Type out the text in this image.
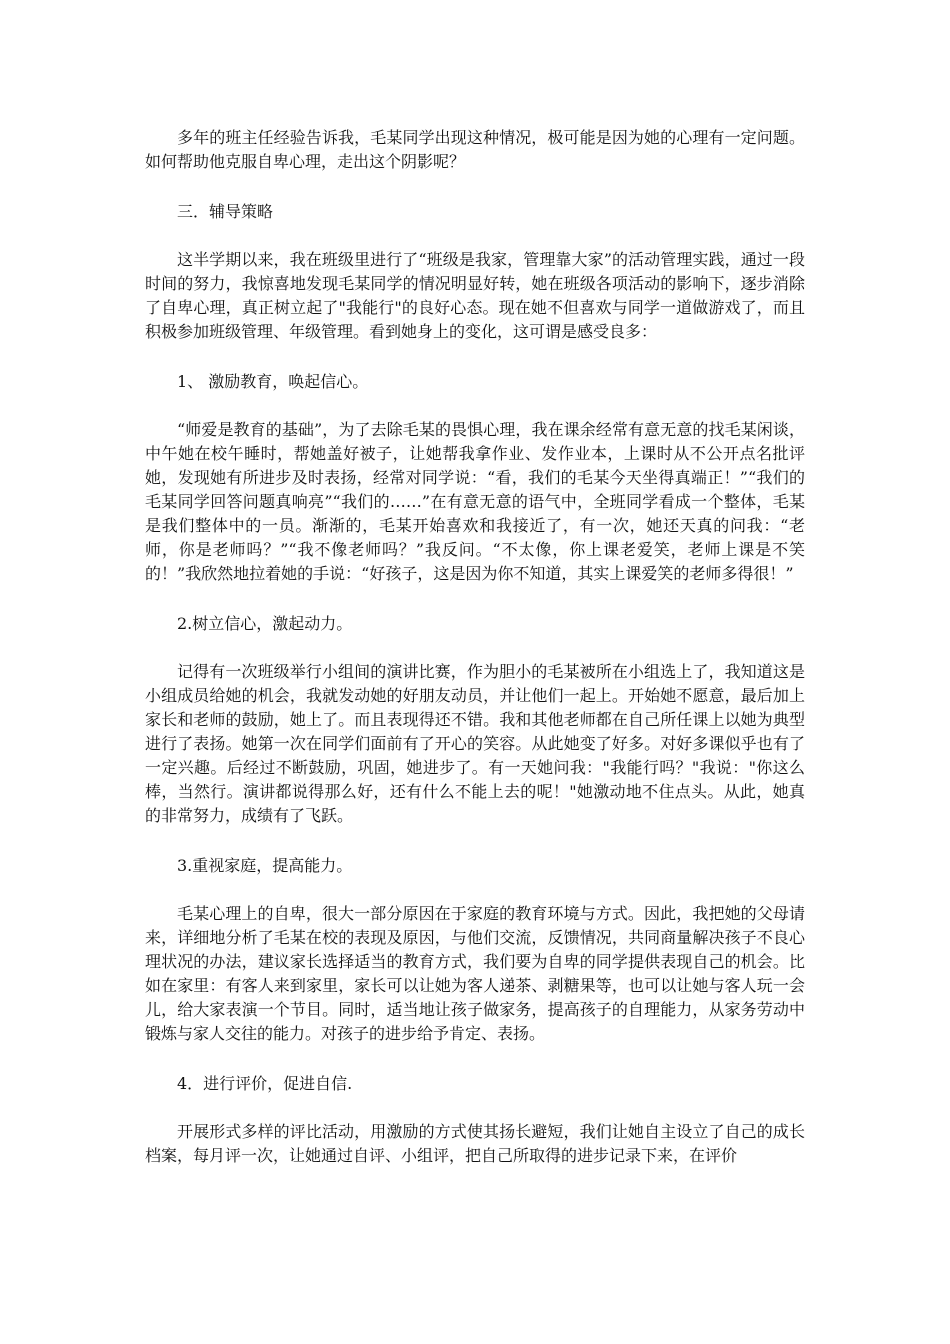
多年的班主任经验告诉我，毛某同学出现这种情况，极可能是因为她的心理有一定问题。如何帮助他克服自卑心理，走出这个阴影呢？

三．辅导策略

这半学期以来，我在班级里进行了“班级是我家，管理靠大家”的活动管理实践，通过一段时间的努力，我惊喜地发现毛某同学的情况明显好转，她在班级各项活动的影响下，逐步消除了自卑心理，真正树立起了"我能行"的良好心态。现在她不但喜欢与同学一道做游戏了，而且积极参加班级管理、年级管理。看到她身上的变化，这可谓是感受良多：

1、 激励教育，唤起信心。

“师爱是教育的基础”，为了去除毛某的畏惧心理，我在课余经常有意无意的找毛某闲谈，中午她在校午睡时，帮她盖好被子，让她帮我拿作业、发作业本，上课时从不公开点名批评她，发现她有所进步及时表扬，经常对同学说：“看，我们的毛某今天坐得真端正！”“我们的毛某同学回答问题真响亮”“我们的……”在有意无意的语气中，全班同学看成一个整体，毛某是我们整体中的一员。渐渐的，毛某开始喜欢和我接近了，有一次，她还天真的问我：“老师，你是老师吗？”“我不像老师吗？”我反问。“不太像，你上课老爱笑，老师上课是不笑的！”我欣然地拉着她的手说：“好孩子，这是因为你不知道，其实上课爱笑的老师多得很！”

2.树立信心，激起动力。

记得有一次班级举行小组间的演讲比赛，作为胆小的毛某被所在小组选上了，我知道这是小组成员给她的机会，我就发动她的好朋友动员，并让他们一起上。开始她不愿意，最后加上家长和老师的鼓励，她上了。而且表现得还不错。我和其他老师都在自己所任课上以她为典型进行了表扬。她第一次在同学们面前有了开心的笑容。从此她变了好多。对好多课似乎也有了一定兴趣。后经过不断鼓励，巩固，她进步了。有一天她问我："我能行吗？"我说："你这么棒，当然行。演讲都说得那么好，还有什么不能上去的呢！"她激动地不住点头。从此，她真的非常努力，成绩有了飞跃。

3.重视家庭，提高能力。

毛某心理上的自卑，很大一部分原因在于家庭的教育环境与方式。因此，我把她的父母请来，详细地分析了毛某在校的表现及原因，与他们交流，反馈情况，共同商量解决孩子不良心理状况的办法，建议家长选择适当的教育方式，我们要为自卑的同学提供表现自己的机会。比如在家里：有客人来到家里，家长可以让她为客人递茶、剥糖果等，也可以让她与客人玩一会儿，给大家表演一个节目。同时，适当地让孩子做家务，提高孩子的自理能力，从家务劳动中锻炼与家人交往的能力。对孩子的进步给予肯定、表扬。

4．进行评价，促进自信.

开展形式多样的评比活动，用激励的方式使其扬长避短，我们让她自主设立了自己的成长档案，每月评一次，让她通过自评、小组评，把自己所取得的进步记录下来，在评价
